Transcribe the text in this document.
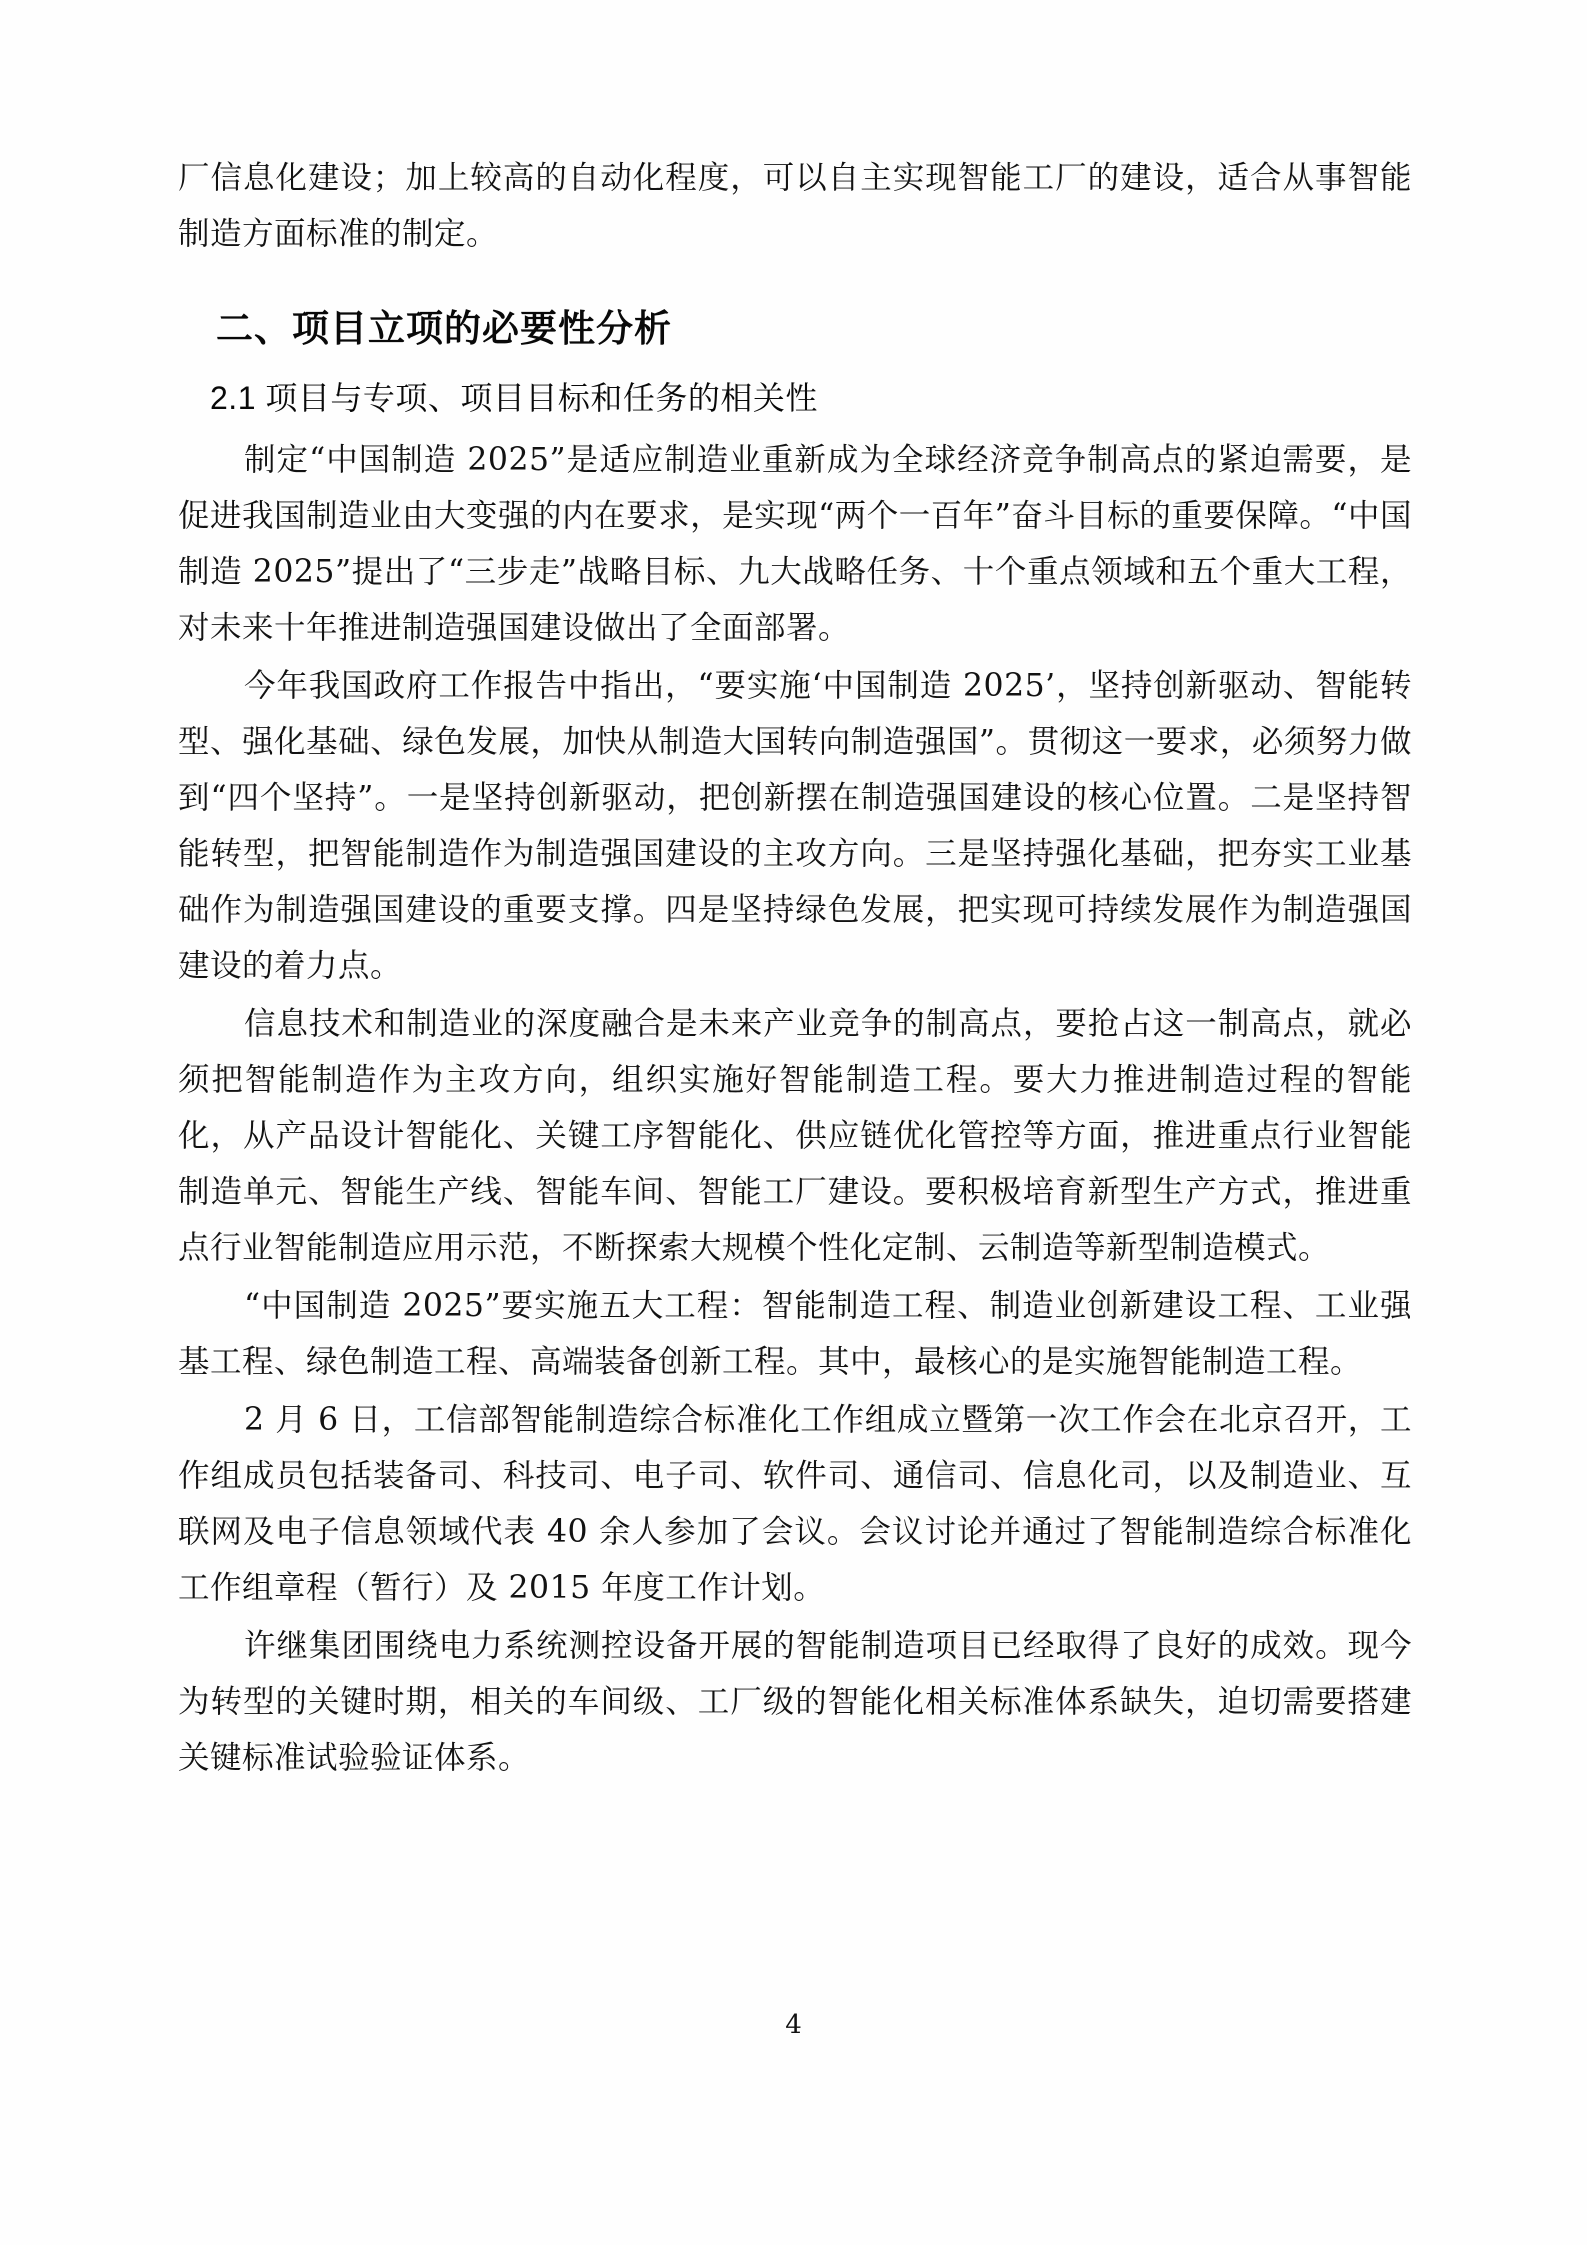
厂信息化建设；加上较高的自动化程度，可以自主实现智能工厂的建设，适合从事智能制造方面标准的制定。

二、项目立项的必要性分析
2.1 项目与专项、项目目标和任务的相关性

制定“中国制造 2025”是适应制造业重新成为全球经济竞争制高点的紧迫需要，是促进我国制造业由大变强的内在要求，是实现“两个一百年”奋斗目标的重要保障。“中国制造 2025”提出了“三步走”战略目标、九大战略任务、十个重点领域和五个重大工程，对未来十年推进制造强国建设做出了全面部署。

今年我国政府工作报告中指出，“要实施‘中国制造 2025’，坚持创新驱动、智能转型、强化基础、绿色发展，加快从制造大国转向制造强国”。贯彻这一要求，必须努力做到“四个坚持”。一是坚持创新驱动，把创新摆在制造强国建设的核心位置。二是坚持智能转型，把智能制造作为制造强国建设的主攻方向。三是坚持强化基础，把夯实工业基础作为制造强国建设的重要支撑。四是坚持绿色发展，把实现可持续发展作为制造强国建设的着力点。

信息技术和制造业的深度融合是未来产业竞争的制高点，要抢占这一制高点，就必须把智能制造作为主攻方向，组织实施好智能制造工程。要大力推进制造过程的智能化，从产品设计智能化、关键工序智能化、供应链优化管控等方面，推进重点行业智能制造单元、智能生产线、智能车间、智能工厂建设。要积极培育新型生产方式，推进重点行业智能制造应用示范，不断探索大规模个性化定制、云制造等新型制造模式。

“中国制造 2025”要实施五大工程：智能制造工程、制造业创新建设工程、工业强基工程、绿色制造工程、高端装备创新工程。其中，最核心的是实施智能制造工程。

2 月 6 日，工信部智能制造综合标准化工作组成立暨第一次工作会在北京召开，工作组成员包括装备司、科技司、电子司、软件司、通信司、信息化司，以及制造业、互联网及电子信息领域代表 40 余人参加了会议。会议讨论并通过了智能制造综合标准化工作组章程（暂行）及 2015 年度工作计划。

许继集团围绕电力系统测控设备开展的智能制造项目已经取得了良好的成效。现今为转型的关键时期，相关的车间级、工厂级的智能化相关标准体系缺失，迫切需要搭建关键标准试验验证体系。

4
